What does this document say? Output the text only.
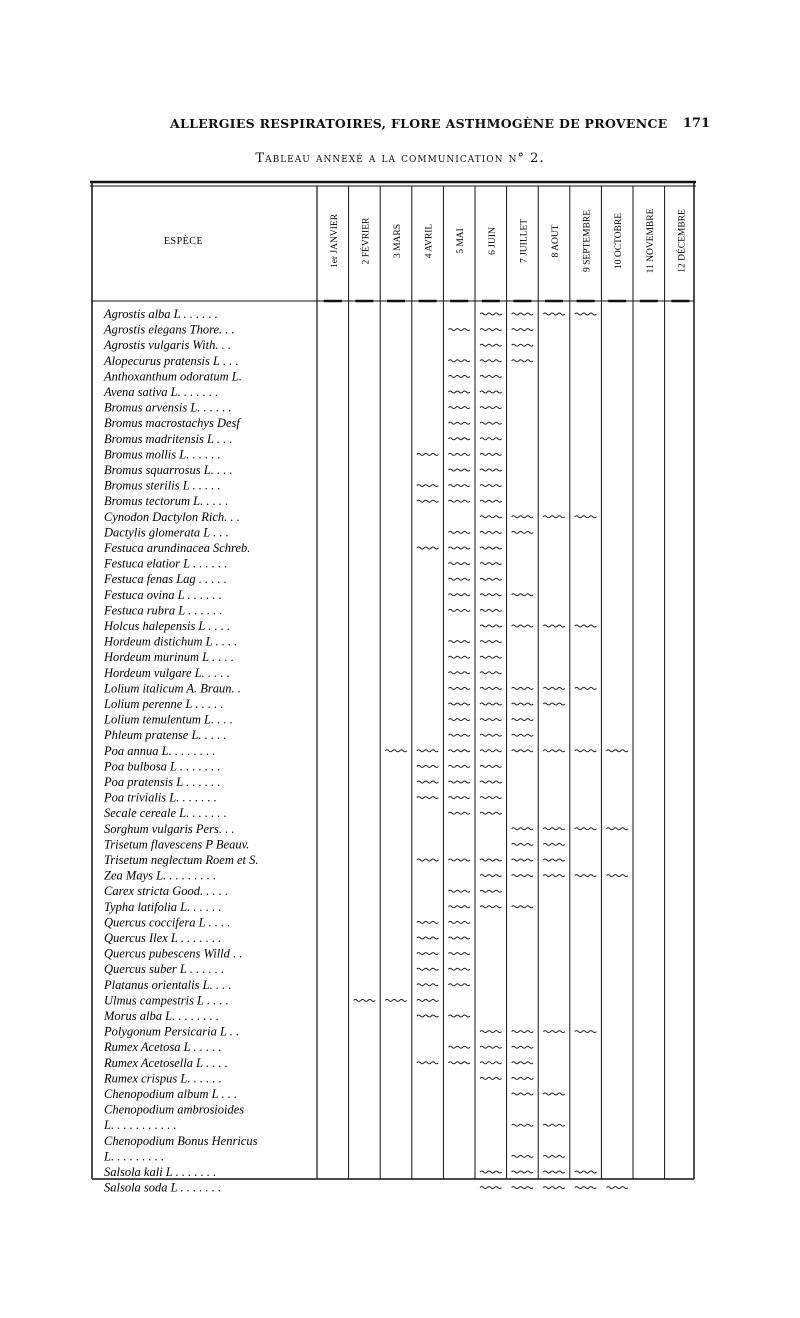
ALLERGIES RESPIRATOIRES, FLORE ASTHMOGÈNE DE PROVENCE 171
Tableau annexé a la communication n° 2.
ESPÈCE	1er JANVIER 2 FÉVRIER 3 MARS 4 AVRIL 5 MAI 6 JUIN 7 JUILLET 8 AOUT 9 SEPTEMBRE 10 OCTOBRE 11 NOVEMBRE 12 DÉCEMBRE
Agrostis alba L . . . . . .
Agrostis elegans Thore. . .
Agrostis vulgaris With. . .
Alopecurus pratensis L . . .
Anthoxanthum odoratum L.
Avena sativa L. . . . . . .
Bromus arvensis L. . . . . .
Bromus macrostachys Desf
Bromus madritensis L . . .
Bromus mollis L. . . . . .
Bromus squarrosus L. . . .
Bromus sterilis L . . . . .
Bromus tectorum L. . . . .
Cynodon Dactylon Rich. . .
Dactylis glomerata L . . .
Festuca arundinacea Schreb.
Festuca elatior L . . . . . .
Festuca fenas Lag . . . . .
Festuca ovina L . . . . . .
Festuca rubra L . . . . . .
Holcus halepensis L . . . .
Hordeum distichum L . . . .
Hordeum murinum L . . . .
Hordeum vulgare L. . . . .
Lolium italicum A. Braun. .
Lolium perenne L . . . . .
Lolium temulentum L. . . .
Phleum pratense L. . . . .
Poa annua L. . . . . . . .
Poa bulbosa L . . . . . . .
Poa pratensis L . . . . . .
Poa trivialis L. . . . . . .
Secale cereale L. . . . . . .
Sorghum vulgaris Pers. . .
Trisetum flavescens P Beauv.
Trisetum neglectum Roem et S.
Zea Mays L. . . . . . . . .
Carex stricta Good. . . . .
Typha latifolia L. . . . . .
Quercus coccifera L . . . .
Quercus Ilex L . . . . . . .
Quercus pubescens Willd . .
Quercus suber L . . . . . .
Platanus orientalis L. . . .
Ulmus campestris L . . . .
Morus alba L. . . . . . . .
Polygonum Persicaria L . .
Rumex Acetosa L . . . . .
Rumex Acetosella L . . . .
Rumex crispus L. . . . . .
Chenopodium album L . . .
Chenopodium ambrosioides
L. . . . . . . . . . .
Chenopodium Bonus Henricus
L. . . . . . . . .
Salsola kali L . . . . . . .
Salsola soda L . . . . . . .
